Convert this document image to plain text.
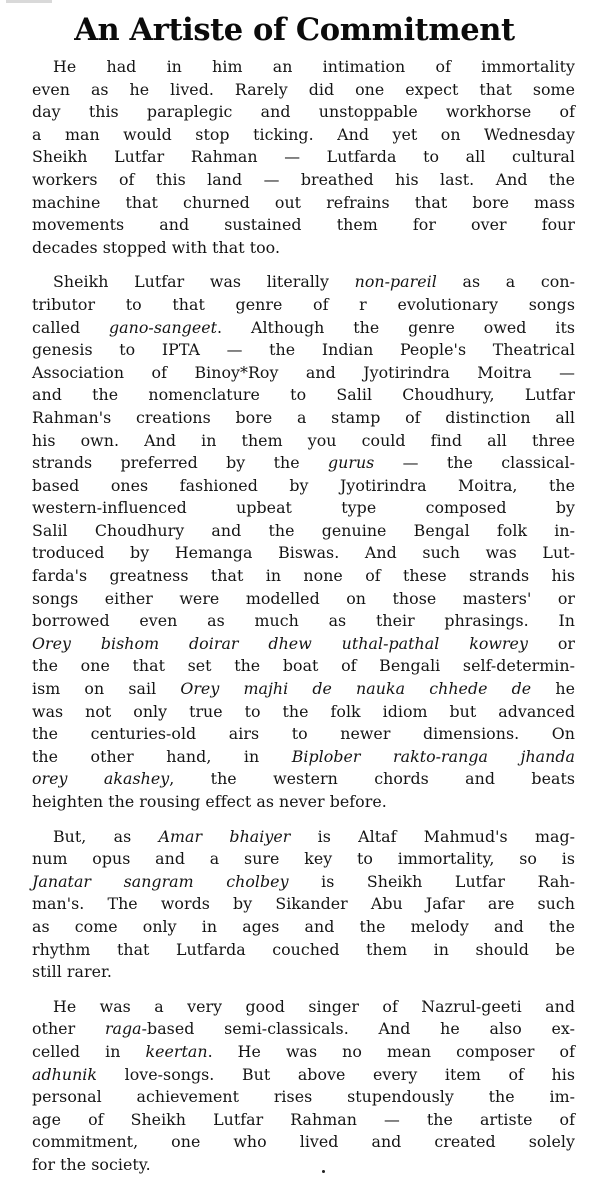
An Artiste of Commitment
He had in him an intimation of immortality
even as he lived. Rarely did one expect that some
day this paraplegic and unstoppable workhorse of
a man would stop ticking. And yet on Wednesday
Sheikh Lutfar Rahman — Lutfarda to all cultural
workers of this land — breathed his last. And the
machine that churned out refrains that bore mass
movements and sustained them for over four
decades stopped with that too.
Sheikh Lutfar was literally non-pareil as a con-
tributor to that genre of r evolutionary songs
called gano-sangeet. Although the genre owed its
genesis to IPTA — the Indian People's Theatrical
Association of Binoy*Roy and Jyotirindra Moitra —
and the nomenclature to Salil Choudhury, Lutfar
Rahman's creations bore a stamp of distinction all
his own. And in them you could find all three
strands preferred by the gurus — the classical-
based ones fashioned by Jyotirindra Moitra, the
western-influenced upbeat type composed by
Salil Choudhury and the genuine Bengal folk in-
troduced by Hemanga Biswas. And such was Lut-
farda's greatness that in none of these strands his
songs either were modelled on those masters' or
borrowed even as much as their phrasings. In
Orey bishom doirar dhew uthal-pathal kowrey or
the one that set the boat of Bengali self-determin-
ism on sail Orey majhi de nauka chhede de he
was not only true to the folk idiom but advanced
the centuries-old airs to newer dimensions. On
the other hand, in Biplober rakto-ranga jhanda
orey akashey, the western chords and beats
heighten the rousing effect as never before.
But, as Amar bhaiyer is Altaf Mahmud's mag-
num opus and a sure key to immortality, so is
Janatar sangram cholbey is Sheikh Lutfar Rah-
man's. The words by Sikander Abu Jafar are such
as come only in ages and the melody and the
rhythm that Lutfarda couched them in should be
still rarer.
He was a very good singer of Nazrul-geeti and
other raga-based semi-classicals. And he also ex-
celled in keertan. He was no mean composer of
adhunik love-songs. But above every item of his
personal achievement rises stupendously the im-
age of Sheikh Lutfar Rahman — the artiste of
commitment, one who lived and created solely
for the society.
